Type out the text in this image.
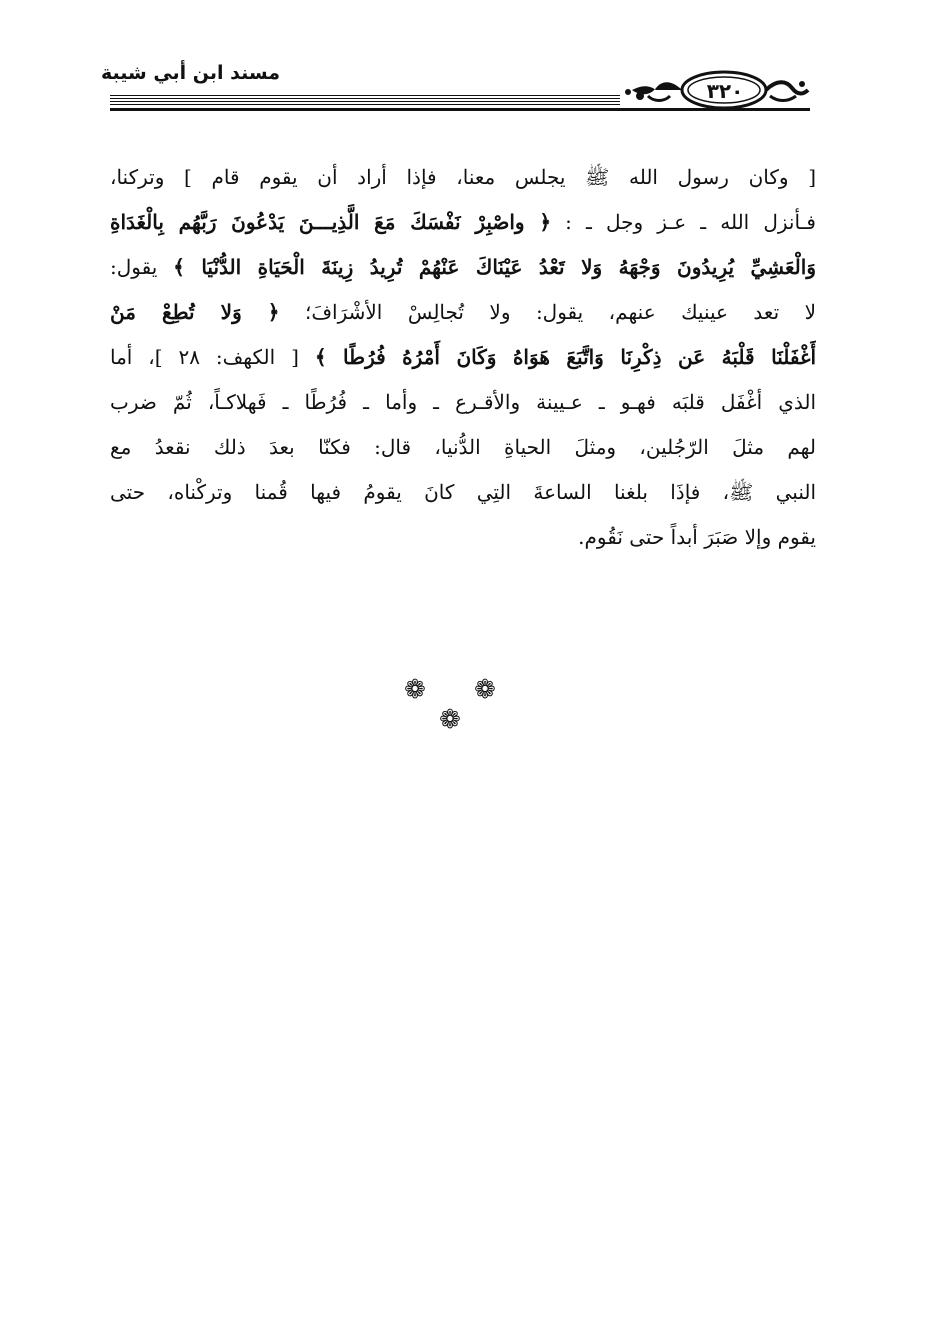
مسند ابن أبي شيبة
٣٢٠
[ وكان رسول الله ﷺ يجلس معنا، فإذا أراد أن يقوم قام ] وتركنا،
فـأنزل الله ـ عـز وجل ـ : ﴿ واصْبِرْ نَفْسَكَ مَعَ الَّذِيـــنَ يَدْعُونَ رَبَّهُم بِالْغَدَاةِ
وَالْعَشِيِّ يُرِيدُونَ وَجْهَهُ وَلا تَعْدُ عَيْنَاكَ عَنْهُمْ تُرِيدُ زِينَةَ الْحَيَاةِ الدُّنْيَا ﴾ يقول:
لا تعد عينيك عنهم، يقول: ولا تُجالِسْ الأشْرَافَ؛ ﴿ وَلا تُطِعْ مَنْ
أَغْفَلْنَا قَلْبَهُ عَن ذِكْرِنَا وَاتَّبَعَ هَوَاهُ وَكَانَ أَمْرُهُ فُرُطًا ﴾ [ الكهف: ٢٨ ]، أما
الذي أغْفَل قلبَه فهـو ـ عـيينة والأقـرع ـ وأما ـ فُرُطًا ـ فَهلاكـاً، ثُمّ ضرب
لهم مثلَ الرّجُلين، ومثلَ الحياةِ الدُّنيا، قال: فكنّا بعدَ ذلك نقعدُ مع
النبي ﷺ، فإذَا بلغنا الساعةَ التِي كانَ يقومُ فيها قُمنا وتركْناه، حتى
يقوم وإلا صَبَرَ أبداً حتى نَقُوم.
❁ ❁ ❁
